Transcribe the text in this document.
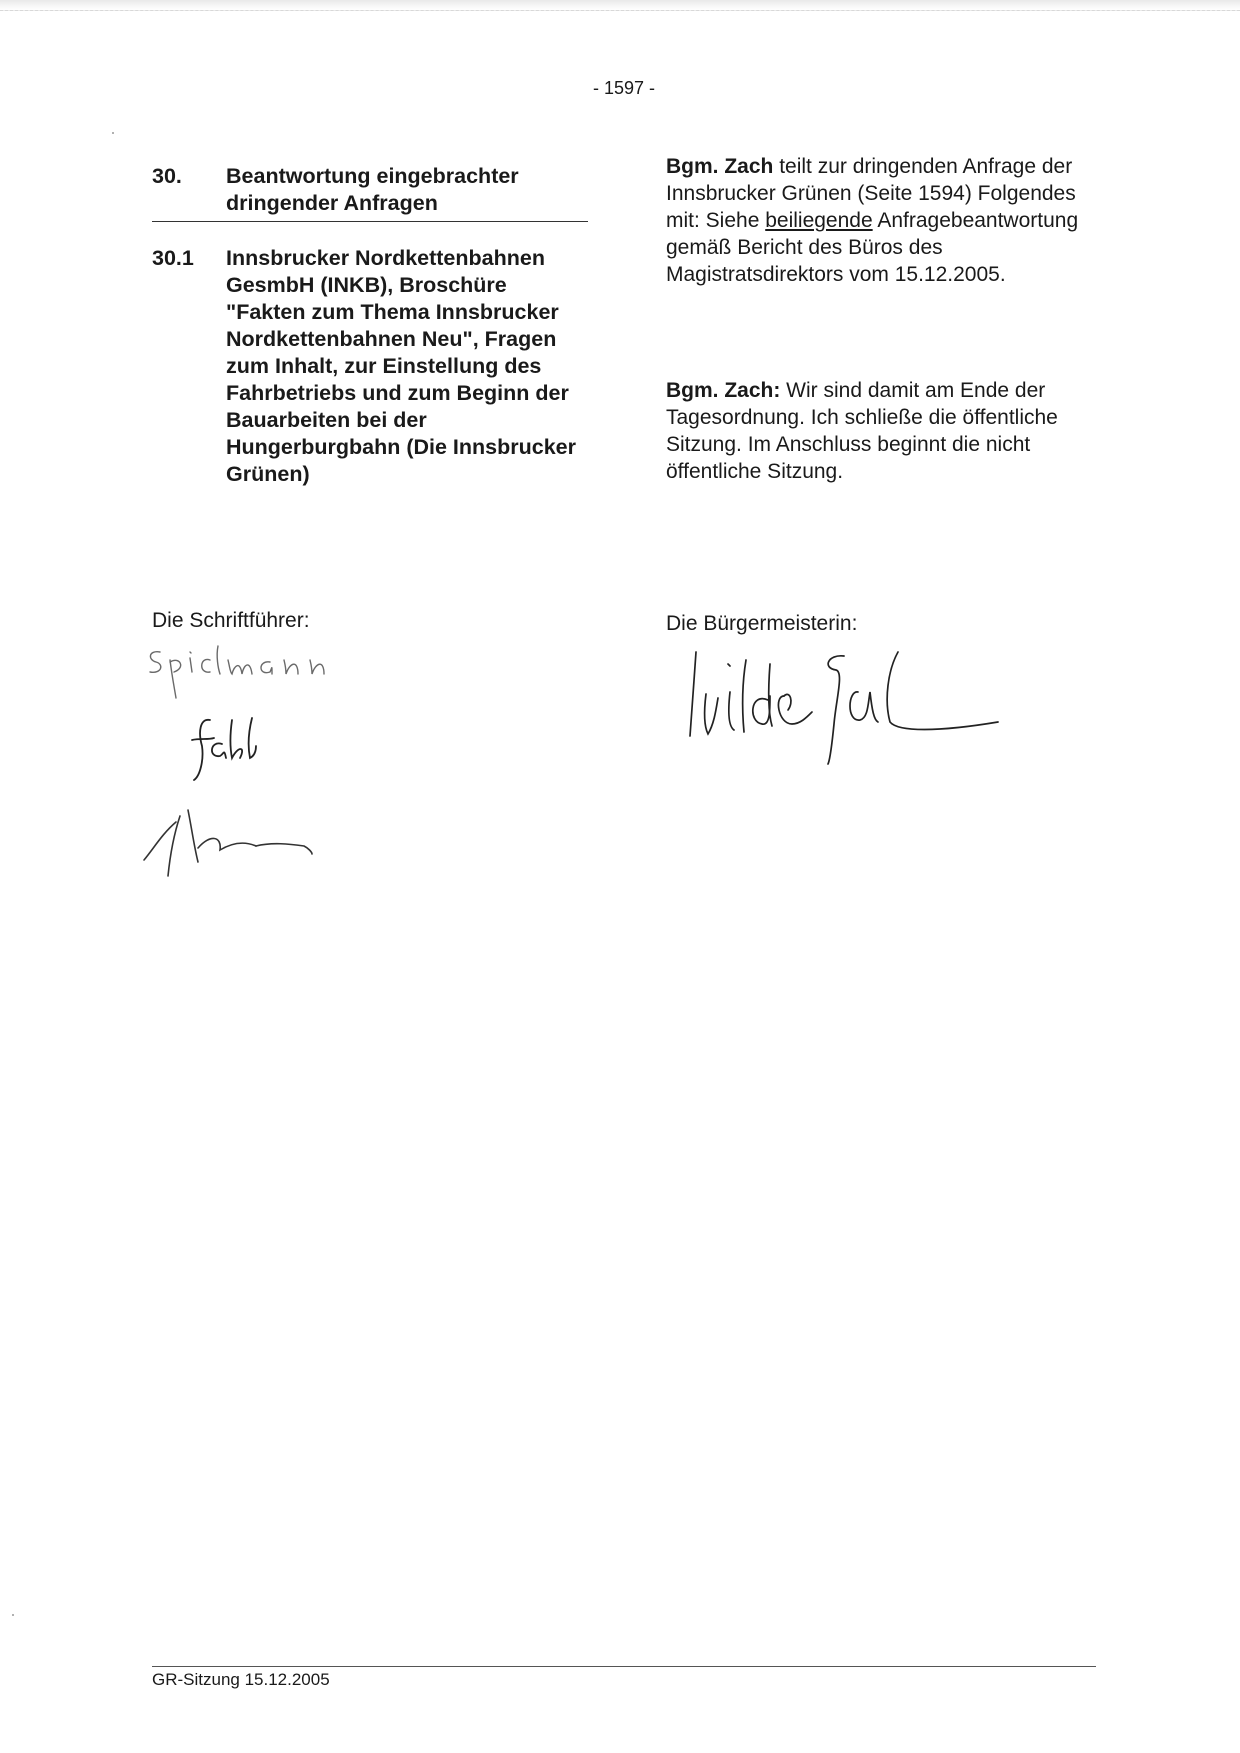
- 1597 -
30. Beantwortung eingebrachter dringender Anfragen
30.1 Innsbrucker Nordkettenbahnen GesmbH (INKB), Broschüre "Fakten zum Thema Innsbrucker Nordkettenbahnen Neu", Fragen zum Inhalt, zur Einstellung des Fahrbetriebs und zum Beginn der Bauarbeiten bei der Hungerburgbahn (Die Innsbrucker Grünen)
Bgm. Zach teilt zur dringenden Anfrage der Innsbrucker Grünen (Seite 1594) Folgendes mit: Siehe beiliegende Anfragebeantwortung gemäß Bericht des Büros des Magistratsdirektors vom 15.12.2005.
Bgm. Zach: Wir sind damit am Ende der Tagesordnung. Ich schließe die öffentliche Sitzung. Im Anschluss beginnt die nicht öffentliche Sitzung.
Die Schriftführer:	Die Bürgermeisterin:
GR-Sitzung 15.12.2005
